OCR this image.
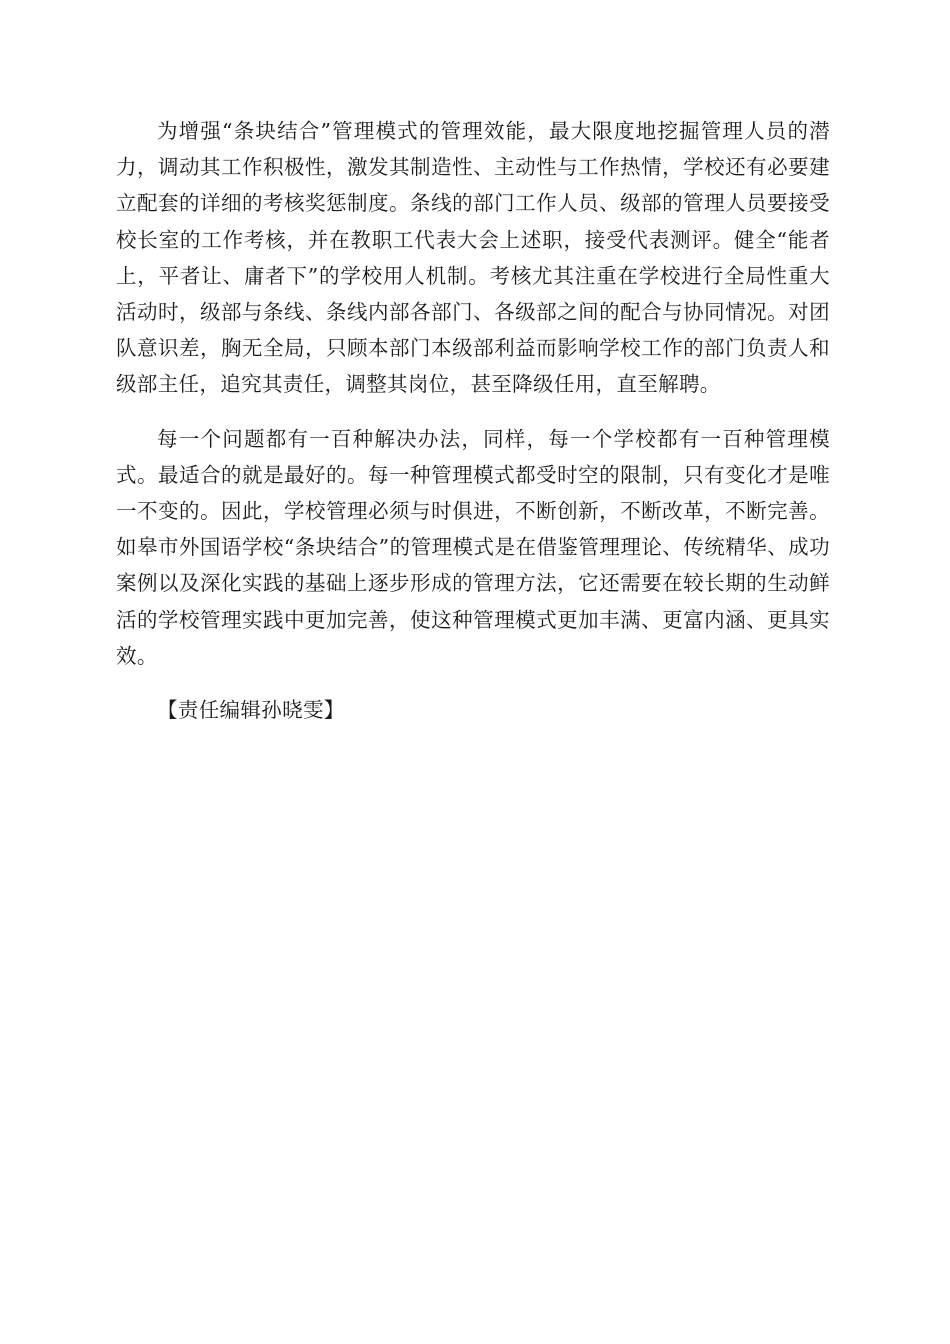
为增强“条块结合”管理模式的管理效能，最大限度地挖掘管理人员的潜力，调动其工作积极性，激发其制造性、主动性与工作热情，学校还有必要建立配套的详细的考核奖惩制度。条线的部门工作人员、级部的管理人员要接受校长室的工作考核，并在教职工代表大会上述职，接受代表测评。健全“能者上，平者让、庸者下”的学校用人机制。考核尤其注重在学校进行全局性重大活动时，级部与条线、条线内部各部门、各级部之间的配合与协同情况。对团队意识差，胸无全局，只顾本部门本级部利益而影响学校工作的部门负责人和级部主任，追究其责任，调整其岗位，甚至降级任用，直至解聘。

每一个问题都有一百种解决办法，同样，每一个学校都有一百种管理模式。最适合的就是最好的。每一种管理模式都受时空的限制，只有变化才是唯一不变的。因此，学校管理必须与时俱进，不断创新，不断改革，不断完善。如皋市外国语学校“条块结合”的管理模式是在借鉴管理理论、传统精华、成功案例以及深化实践的基础上逐步形成的管理方法，它还需要在较长期的生动鲜活的学校管理实践中更加完善，使这种管理模式更加丰满、更富内涵、更具实效。

【责任编辑孙晓雯】
